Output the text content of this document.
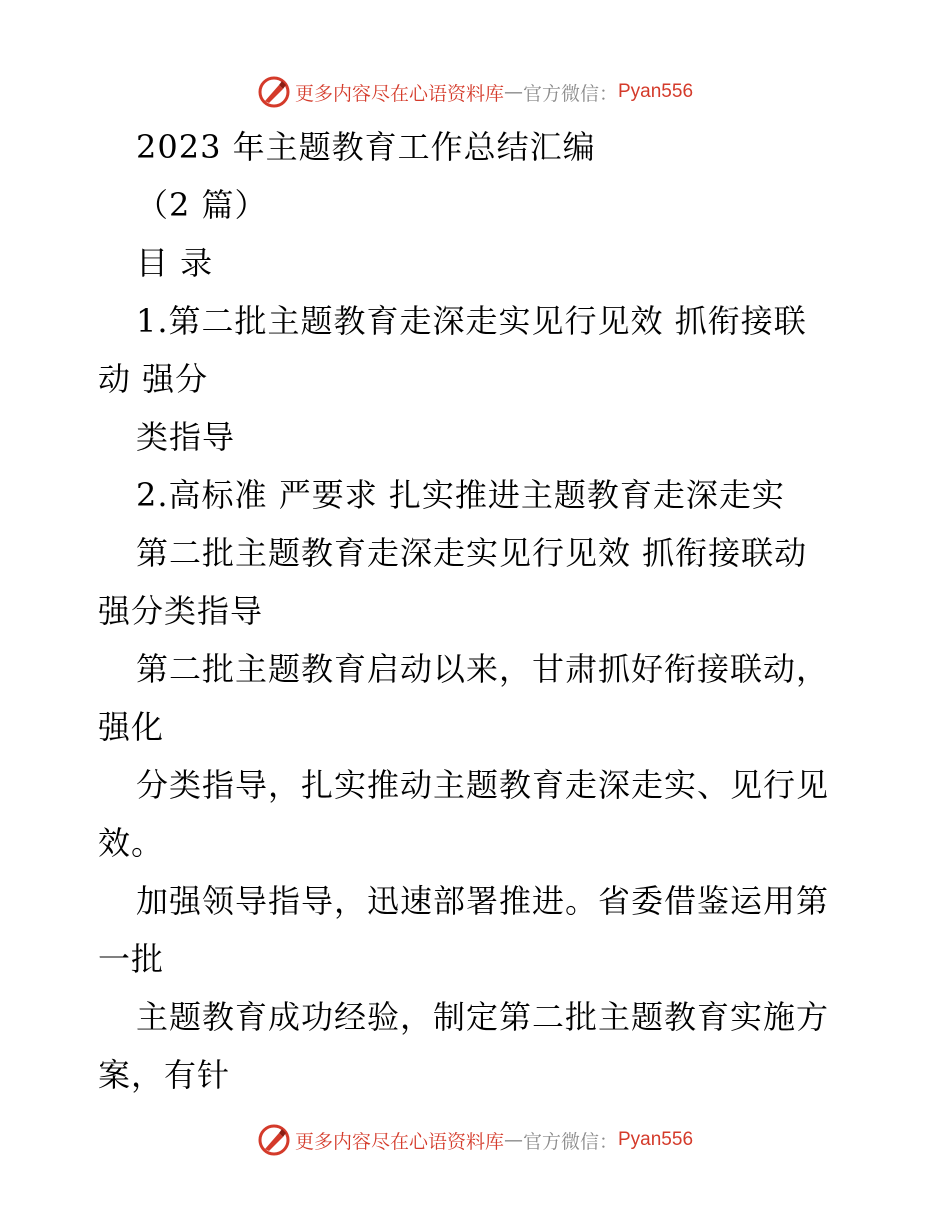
更多内容尽在心语资料库 — 官方微信： Pyan556
2023 年主题教育工作总结汇编
（2 篇）
目 录
1.第二批主题教育走深走实见行见效 抓衔接联
动 强分
类指导
2.高标准 严要求 扎实推进主题教育走深走实
第二批主题教育走深走实见行见效 抓衔接联动
强分类指导
第二批主题教育启动以来，甘肃抓好衔接联动，
强化
分类指导，扎实推动主题教育走深走实、见行见
效。
加强领导指导，迅速部署推进。省委借鉴运用第
一批
主题教育成功经验，制定第二批主题教育实施方
案，有针
更多内容尽在心语资料库 — 官方微信： Pyan556
